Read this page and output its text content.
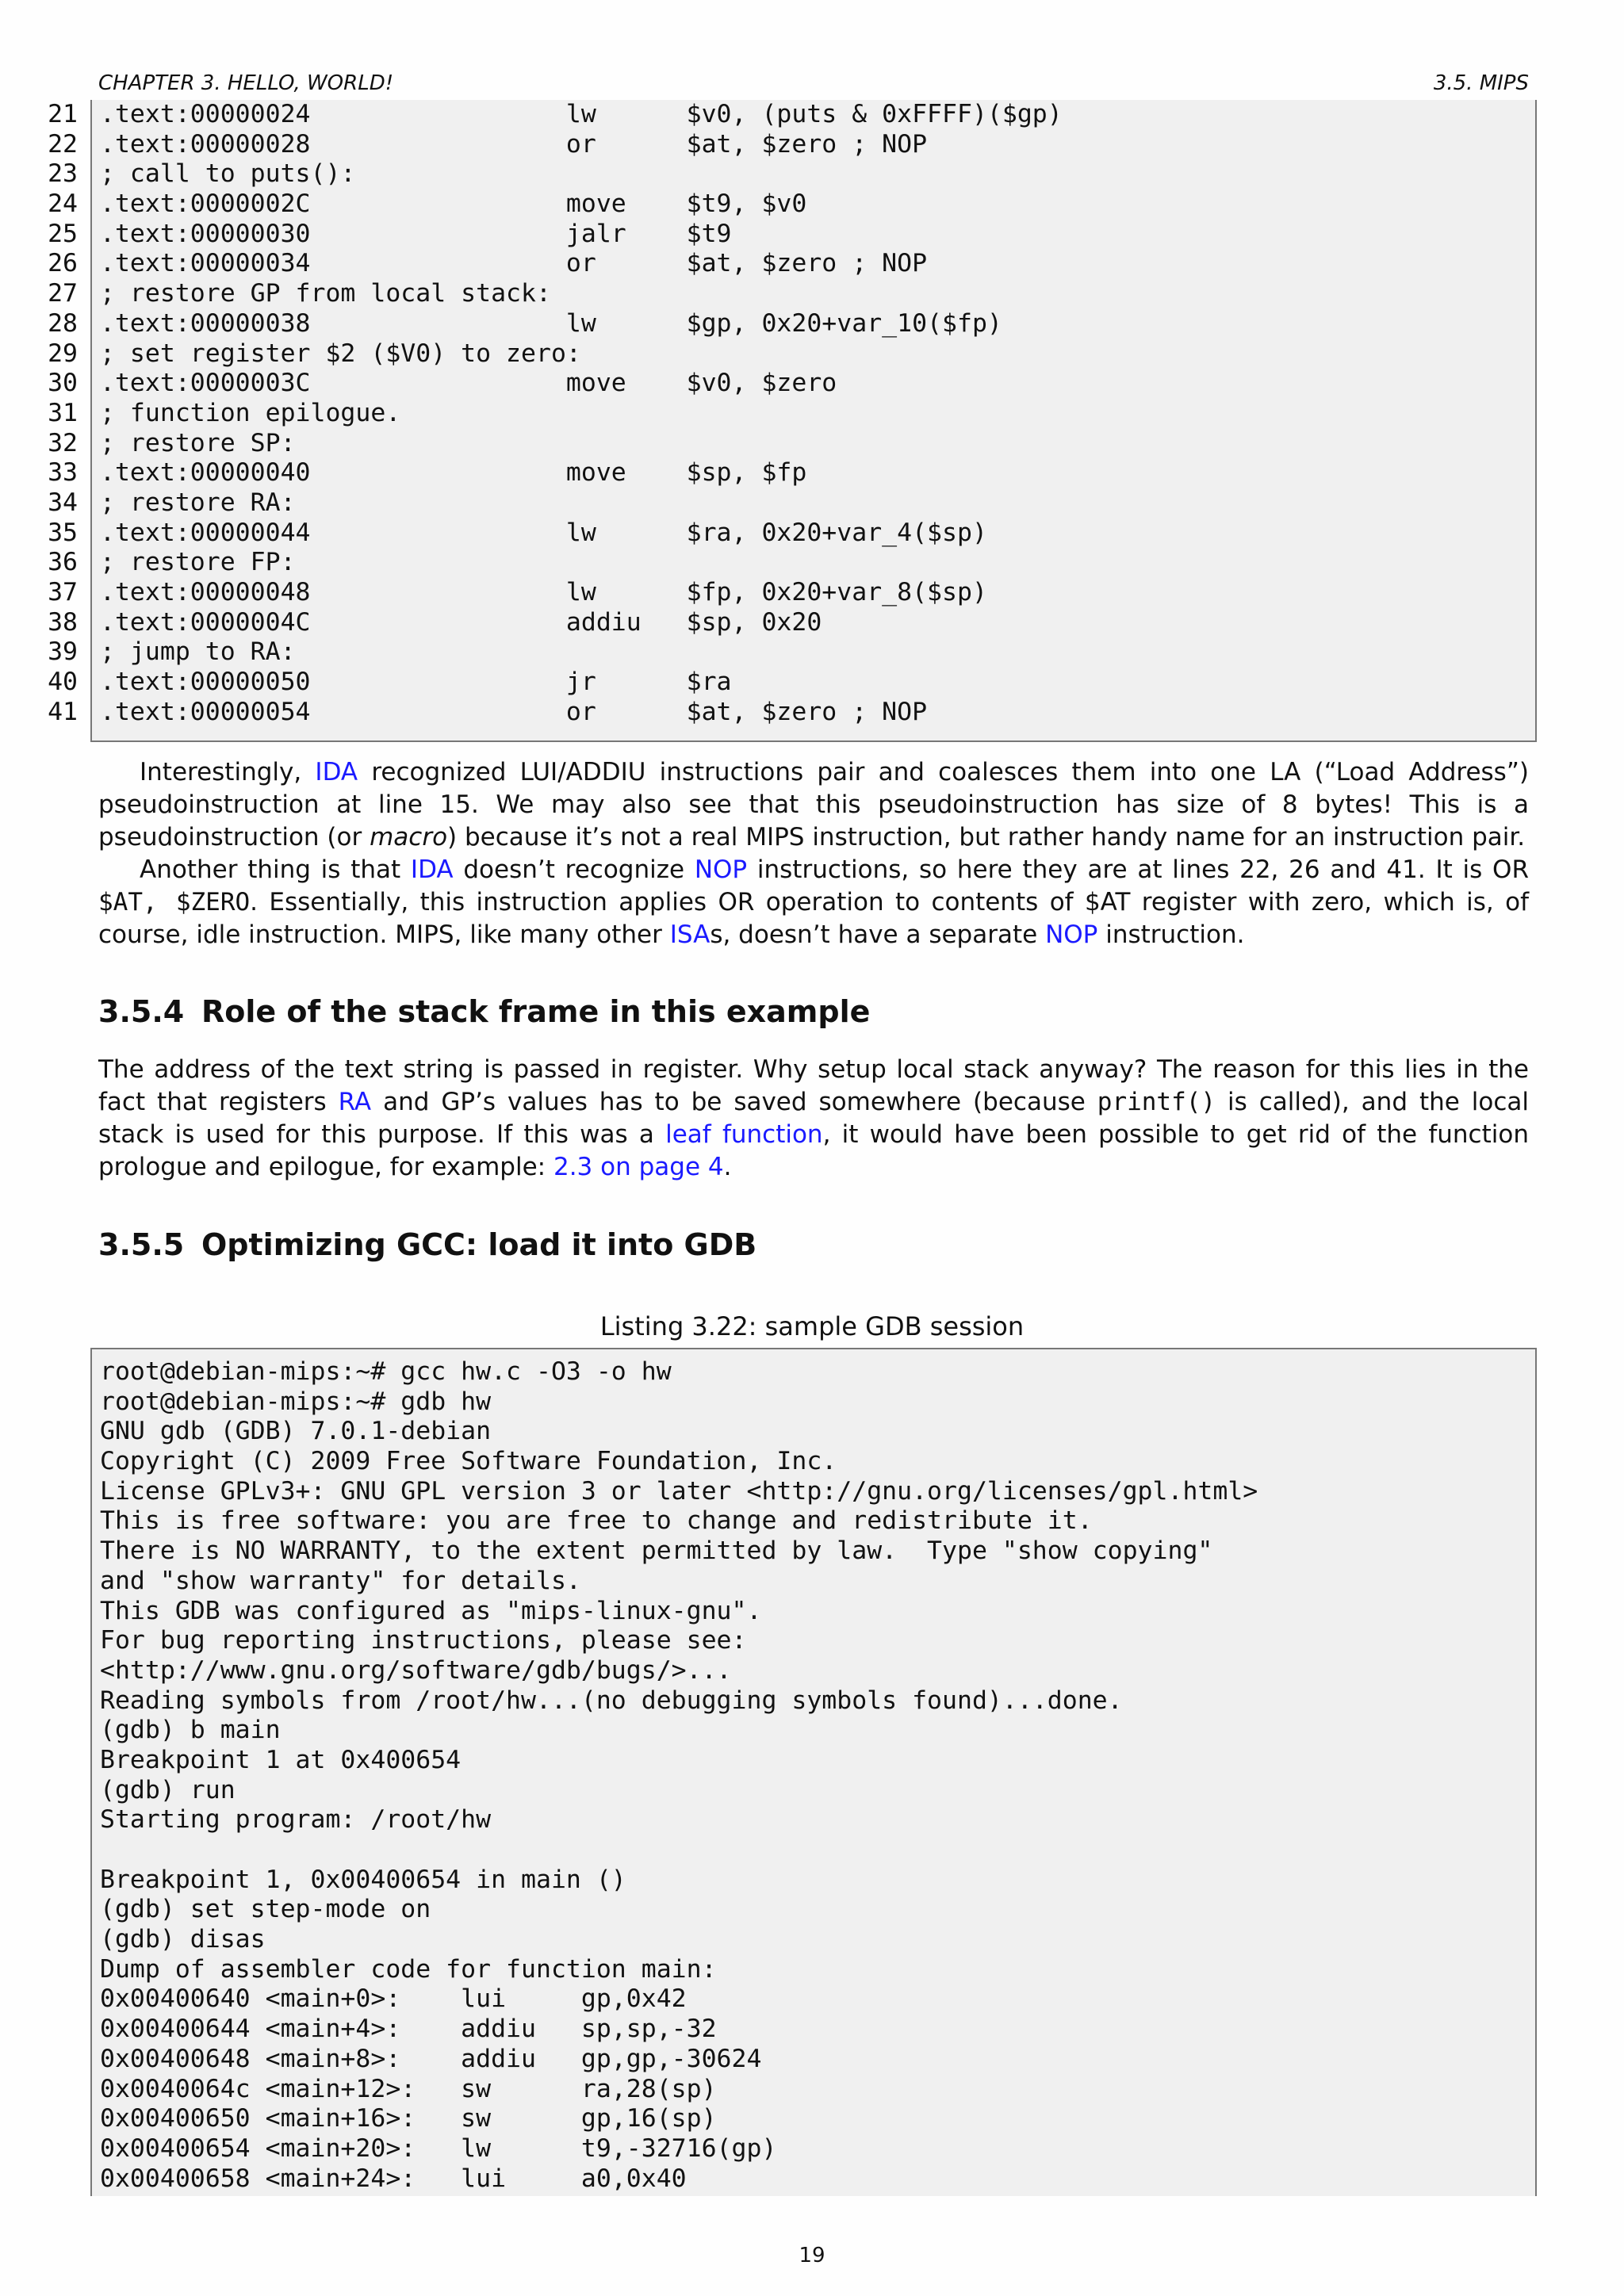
CHAPTER 3. HELLO, WORLD!	3.5. MIPS
21
22
23
24
25
26
27
28
29
30
31
32
33
34
35
36
37
38
39
40
41
.text:00000024                 lw      $v0, (puts & 0xFFFF)($gp)
.text:00000028                 or      $at, $zero ; NOP
; call to puts():
.text:0000002C                 move    $t9, $v0
.text:00000030                 jalr    $t9
.text:00000034                 or      $at, $zero ; NOP
; restore GP from local stack:
.text:00000038                 lw      $gp, 0x20+var_10($fp)
; set register $2 ($V0) to zero:
.text:0000003C                 move    $v0, $zero
; function epilogue.
; restore SP:
.text:00000040                 move    $sp, $fp
; restore RA:
.text:00000044                 lw      $ra, 0x20+var_4($sp)
; restore FP:
.text:00000048                 lw      $fp, 0x20+var_8($sp)
.text:0000004C                 addiu   $sp, 0x20
; jump to RA:
.text:00000050                 jr      $ra
.text:00000054                 or      $at, $zero ; NOP
Interestingly, IDA recognized LUI/ADDIU instructions pair and coalesces them into one LA (“Load Address”) pseudoinstruction at line 15. We may also see that this pseudoinstruction has size of 8 bytes! This is a pseudoinstruction (or macro) because it’s not a real MIPS instruction, but rather handy name for an instruction pair.
Another thing is that IDA doesn’t recognize NOP instructions, so here they are at lines 22, 26 and 41. It is OR $AT, $ZERO. Essentially, this instruction applies OR operation to contents of $AT register with zero, which is, of course, idle instruction. MIPS, like many other ISAs, doesn’t have a separate NOP instruction.
3.5.4 Role of the stack frame in this example
The address of the text string is passed in register. Why setup local stack anyway? The reason for this lies in the fact that registers RA and GP’s values has to be saved somewhere (because printf() is called), and the local stack is used for this purpose. If this was a leaf function, it would have been possible to get rid of the function prologue and epilogue, for example: 2.3 on page 4.
3.5.5 Optimizing GCC: load it into GDB
Listing 3.22: sample GDB session
root@debian-mips:~# gcc hw.c -O3 -o hw
root@debian-mips:~# gdb hw
GNU gdb (GDB) 7.0.1-debian
Copyright (C) 2009 Free Software Foundation, Inc.
License GPLv3+: GNU GPL version 3 or later <http://gnu.org/licenses/gpl.html>
This is free software: you are free to change and redistribute it.
There is NO WARRANTY, to the extent permitted by law.  Type "show copying"
and "show warranty" for details.
This GDB was configured as "mips-linux-gnu".
For bug reporting instructions, please see:
<http://www.gnu.org/software/gdb/bugs/>...
Reading symbols from /root/hw...(no debugging symbols found)...done.
(gdb) b main
Breakpoint 1 at 0x400654
(gdb) run
Starting program: /root/hw
Breakpoint 1, 0x00400654 in main ()
(gdb) set step-mode on
(gdb) disas
Dump of assembler code for function main:
0x00400640 <main+0>:    lui     gp,0x42
0x00400644 <main+4>:    addiu   sp,sp,-32
0x00400648 <main+8>:    addiu   gp,gp,-30624
0x0040064c <main+12>:   sw      ra,28(sp)
0x00400650 <main+16>:   sw      gp,16(sp)
0x00400654 <main+20>:   lw      t9,-32716(gp)
0x00400658 <main+24>:   lui     a0,0x40
19
